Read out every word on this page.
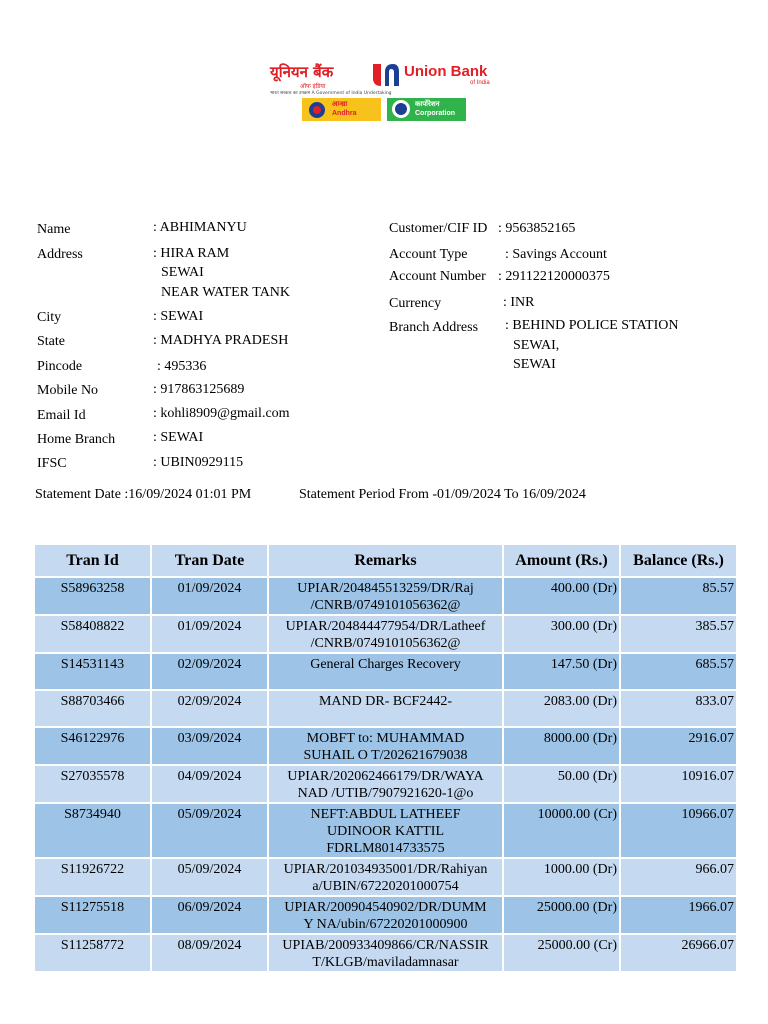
यूनियन बैंक
ऑफ इंडिया
भारत सरकार का उपक्रम A Government of India Undertaking
Union Bank
of India
आन्ध्रा
Andhra
कार्पोरेशन
Corporation
Name	: ABHIMANYU
Address	: HIRA RAM
SEWAI
NEAR WATER TANK
City	: SEWAI
State	: MADHYA PRADESH
Pincode	: 495336
Mobile No	: 917863125689
Email Id	: kohli8909@gmail.com
Home Branch	: SEWAI
IFSC	: UBIN0929115
Customer/CIF ID : 9563852165
Account Type	: Savings Account
Account Number : 291122120000375
Currency	: INR
Branch Address : BEHIND POLICE STATION
SEWAI,
SEWAI
Statement Date :16/09/2024 01:01 PM	Statement Period From -01/09/2024 To 16/09/2024
Tran Id	Tran Date	Remarks	Amount (Rs.)	Balance (Rs.)
S58963258	01/09/2024	UPIAR/204845513259/DR/Raj
/CNRB/0749101056362@	400.00 (Dr)	85.57
S58408822	01/09/2024	UPIAR/204844477954/DR/Latheef
/CNRB/0749101056362@	300.00 (Dr)	385.57
S14531143	02/09/2024	General Charges Recovery	147.50 (Dr)	685.57
S88703466	02/09/2024	MAND DR- BCF2442-	2083.00 (Dr)	833.07
S46122976	03/09/2024	MOBFT to: MUHAMMAD
SUHAIL O T/202621679038	8000.00 (Dr)	2916.07
S27035578	04/09/2024	UPIAR/202062466179/DR/WAYA
NAD /UTIB/7907921620-1@o	50.00 (Dr)	10916.07
S8734940	05/09/2024	NEFT:ABDUL LATHEEF
UDINOOR KATTIL
FDRLM8014733575	10000.00 (Cr)	10966.07
S11926722	05/09/2024	UPIAR/201034935001/DR/Rahiyan
a/UBIN/67220201000754	1000.00 (Dr)	966.07
S11275518	06/09/2024	UPIAR/200904540902/DR/DUMM
Y NA/ubin/67220201000900	25000.00 (Dr)	1966.07
S11258772	08/09/2024	UPIAB/200933409866/CR/NASSIR
T/KLGB/maviladamnasar	25000.00 (Cr)	26966.07
